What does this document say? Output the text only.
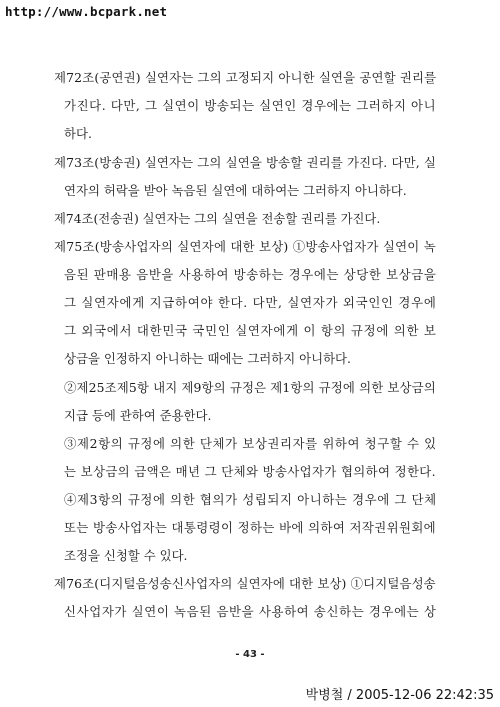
http://www.bcpark.net
제72조(공연권) 실연자는 그의 고정되지 아니한 실연을 공연할 권리를
가진다. 다만, 그 실연이 방송되는 실연인 경우에는 그러하지 아니
하다.
제73조(방송권) 실연자는 그의 실연을 방송할 권리를 가진다. 다만, 실
연자의 허락을 받아 녹음된 실연에 대하여는 그러하지 아니하다.
제74조(전송권) 실연자는 그의 실연을 전송할 권리를 가진다.
제75조(방송사업자의 실연자에 대한 보상) ①방송사업자가 실연이 녹
음된 판매용 음반을 사용하여 방송하는 경우에는 상당한 보상금을
그 실연자에게 지급하여야 한다. 다만, 실연자가 외국인인 경우에
그 외국에서 대한민국 국민인 실연자에게 이 항의 규정에 의한 보
상금을 인정하지 아니하는 때에는 그러하지 아니하다.
②제25조제5항 내지 제9항의 규정은 제1항의 규정에 의한 보상금의
지급 등에 관하여 준용한다.
③제2항의 규정에 의한 단체가 보상권리자를 위하여 청구할 수 있
는 보상금의 금액은 매년 그 단체와 방송사업자가 협의하여 정한다.
④제3항의 규정에 의한 협의가 성립되지 아니하는 경우에 그 단체
또는 방송사업자는 대통령령이 정하는 바에 의하여 저작권위원회에
조정을 신청할 수 있다.
제76조(디지털음성송신사업자의 실연자에 대한 보상) ①디지털음성송
신사업자가 실연이 녹음된 음반을 사용하여 송신하는 경우에는 상
- 43 -
박병철 / 2005-12-06 22:42:35
